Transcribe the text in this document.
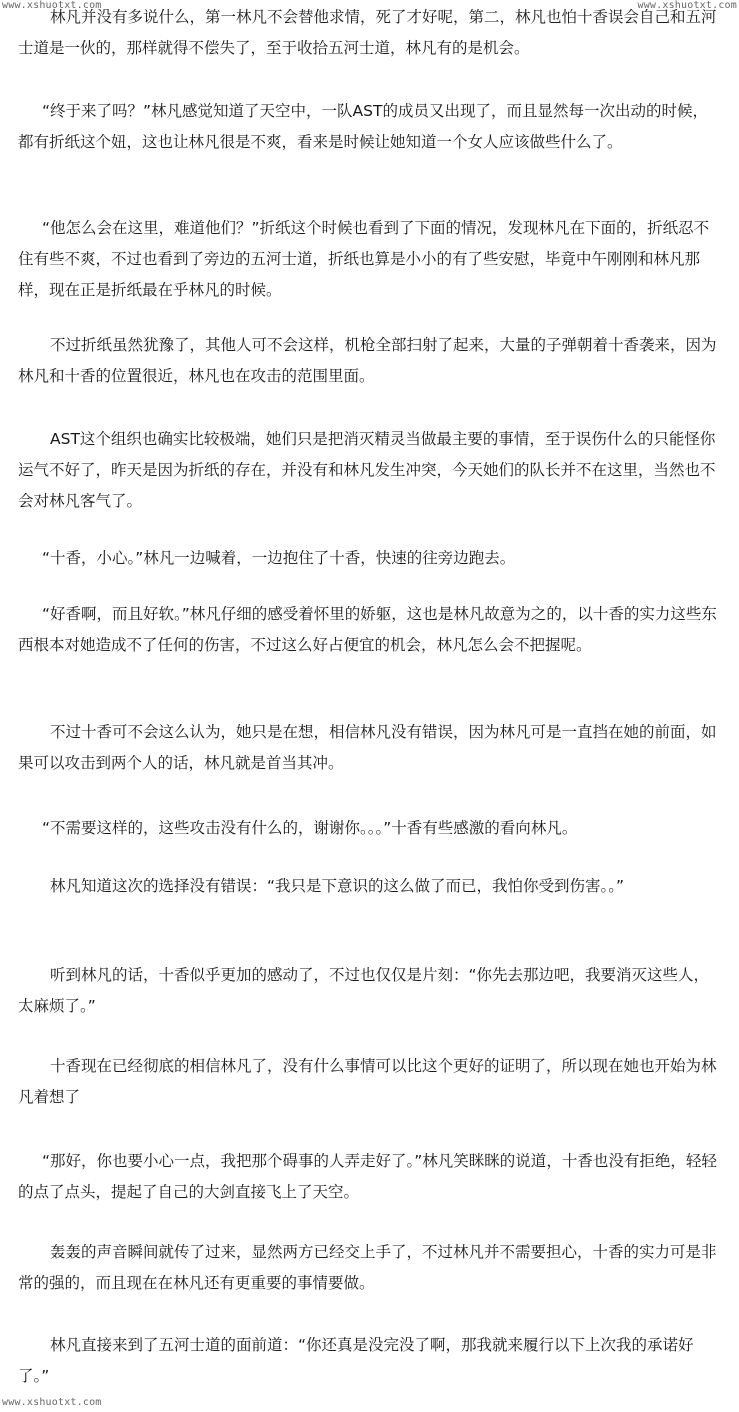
www.xshuotxt.com	www.xshuotxt.com

林凡并没有多说什么，第一林凡不会替他求情，死了才好呢，第二，林凡也怕十香误会自己和五河士道是一伙的，那样就得不偿失了，至于收拾五河士道，林凡有的是机会。

“终于来了吗？”林凡感觉知道了天空中，一队AST的成员又出现了，而且显然每一次出动的时候，都有折纸这个妞，这也让林凡很是不爽，看来是时候让她知道一个女人应该做些什么了。

“他怎么会在这里，难道他们？”折纸这个时候也看到了下面的情况，发现林凡在下面的，折纸忍不住有些不爽，不过也看到了旁边的五河士道，折纸也算是小小的有了些安慰，毕竟中午刚刚和林凡那样，现在正是折纸最在乎林凡的时候。

不过折纸虽然犹豫了，其他人可不会这样，机枪全部扫射了起来，大量的子弹朝着十香袭来，因为林凡和十香的位置很近，林凡也在攻击的范围里面。

AST这个组织也确实比较极端，她们只是把消灭精灵当做最主要的事情，至于误伤什么的只能怪你运气不好了，昨天是因为折纸的存在，并没有和林凡发生冲突，今天她们的队长并不在这里，当然也不会对林凡客气了。

“十香，小心。”林凡一边喊着，一边抱住了十香，快速的往旁边跑去。

“好香啊，而且好软。”林凡仔细的感受着怀里的娇躯，这也是林凡故意为之的，以十香的实力这些东西根本对她造成不了任何的伤害，不过这么好占便宜的机会，林凡怎么会不把握呢。

不过十香可不会这么认为，她只是在想，相信林凡没有错误，因为林凡可是一直挡在她的前面，如果可以攻击到两个人的话，林凡就是首当其冲。

“不需要这样的，这些攻击没有什么的，谢谢你。。。”十香有些感激的看向林凡。

林凡知道这次的选择没有错误：“我只是下意识的这么做了而已，我怕你受到伤害。。”

听到林凡的话，十香似乎更加的感动了，不过也仅仅是片刻：“你先去那边吧，我要消灭这些人，太麻烦了。”

十香现在已经彻底的相信林凡了，没有什么事情可以比这个更好的证明了，所以现在她也开始为林凡着想了

“那好，你也要小心一点，我把那个碍事的人弄走好了。”林凡笑眯眯的说道，十香也没有拒绝，轻轻的点了点头，提起了自己的大剑直接飞上了天空。

轰轰的声音瞬间就传了过来，显然两方已经交上手了，不过林凡并不需要担心，十香的实力可是非常的强的，而且现在在林凡还有更重要的事情要做。

林凡直接来到了五河士道的面前道：“你还真是没完没了啊，那我就来履行以下上次我的承诺好了。”

www.xshuotxt.com
